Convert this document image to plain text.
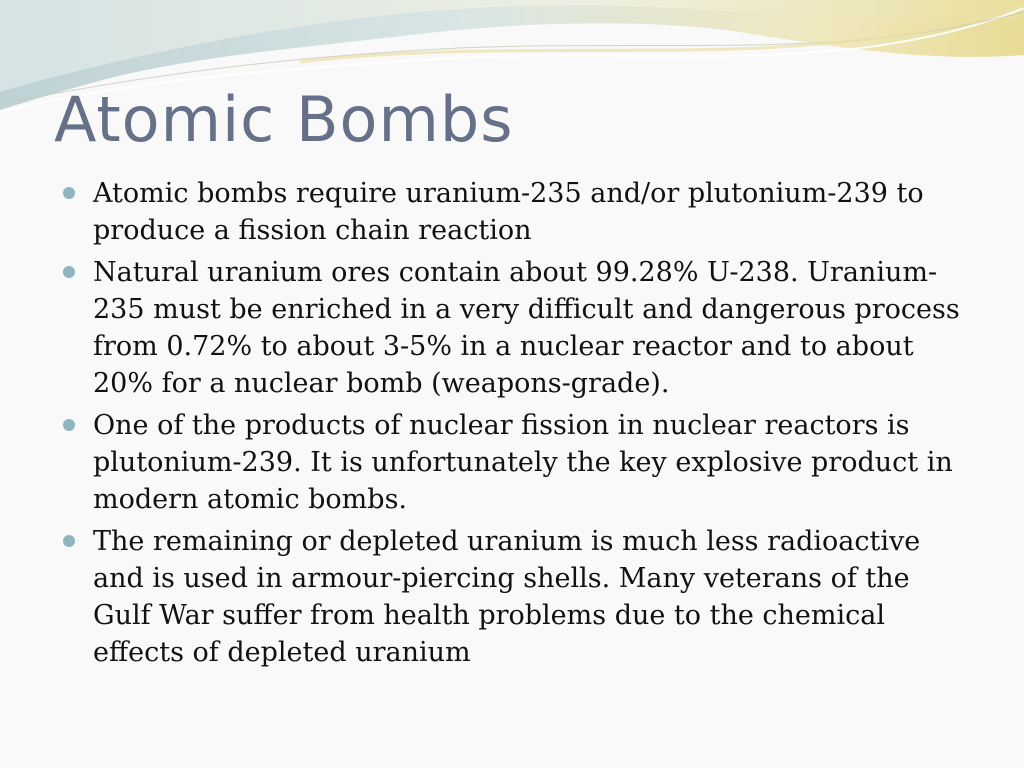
Atomic Bombs
Atomic bombs require uranium-235 and/or plutonium-239 to produce a fission chain reaction
Natural uranium ores contain about 99.28% U-238. Uranium-235 must be enriched in a very difficult and dangerous process from 0.72% to about 3-5% in a nuclear reactor and to about 20% for a nuclear bomb (weapons-grade).
One of the products of nuclear fission in nuclear reactors is plutonium-239. It is unfortunately the key explosive product in modern atomic bombs.
The remaining or depleted uranium is much less radioactive and is used in armour-piercing shells. Many veterans of the Gulf War suffer from health problems due to the chemical effects of depleted uranium
